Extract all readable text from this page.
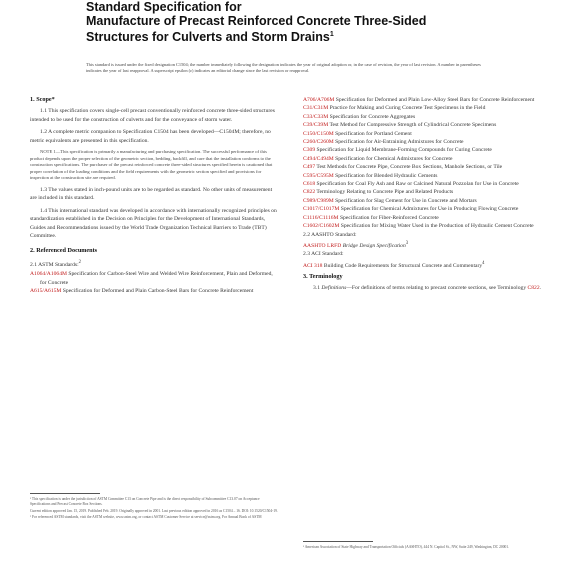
Standard Specification for
Manufacture of Precast Reinforced Concrete Three-Sided
Structures for Culverts and Storm Drains$^1$
This standard is issued under the fixed designation C1504; the number immediately following the designation indicates the year of original adoption or, in the case of revision, the year of last revision. A number in parentheses indicates the year of last reapproval. A superscript epsilon (ε) indicates an editorial change since the last revision or reapproval.
1. Scope*

1.1 This specification covers single-cell precast conventionally reinforced concrete three-sided structures intended to be used for the construction of culverts and for the conveyance of storm water.

1.2 A complete metric companion to Specification C1504 has been developed—C1504M; therefore, no metric equivalents are presented in this specification.

NOTE 1—This specification is primarily a manufacturing and purchasing specification. The successful performance of this product depends upon the proper selection of the geometric section, bedding, backfill, and care that the installation conforms to the construction specifications. The purchaser of the precast reinforced concrete three-sided structures specified herein is cautioned that proper correlation of the loading conditions and the field requirements with the geometric section specified and provisions for inspection at the construction site are required.

1.3 The values stated in inch-pound units are to be regarded as standard. No other units of measurement are included in this standard.

1.4 This international standard was developed in accordance with internationally recognized principles on standardization established in the Decision on Principles for the Development of International Standards, Guides and Recommendations issued by the World Trade Organization Technical Barriers to Trade (TBT) Committee.

2. Referenced Documents
2.1 ASTM Standards:$^2$
A1064/A1064M Specification for Carbon-Steel Wire and Welded Wire Reinforcement, Plain and Deformed, for Concrete
A615/A615M Specification for Deformed and Plain Carbon-Steel Bars for Concrete Reinforcement
A706/A706M Specification for Deformed and Plain Low-Alloy Steel Bars for Concrete Reinforcement
C31/C31M Practice for Making and Curing Concrete Test Specimens in the Field
C33/C33M Specification for Concrete Aggregates
C39/C39M Test Method for Compressive Strength of Cylindrical Concrete Specimens
C150/C150M Specification for Portland Cement
C260/C260M Specification for Air-Entraining Admixtures for Concrete
C309 Specification for Liquid Membrane-Forming Compounds for Curing Concrete
C494/C494M Specification for Chemical Admixtures for Concrete
C497 Test Methods for Concrete Pipe, Concrete Box Sections, Manhole Sections, or Tile
C595/C595M Specification for Blended Hydraulic Cements
C618 Specification for Coal Fly Ash and Raw or Calcined Natural Pozzolan for Use in Concrete
C822 Terminology Relating to Concrete Pipe and Related Products
C989/C989M Specification for Slag Cement for Use in Concrete and Mortars
C1017/C1017M Specification for Chemical Admixtures for Use in Producing Flowing Concrete
C1116/C1116M Specification for Fiber-Reinforced Concrete
C1602/C1602M Specification for Mixing Water Used in the Production of Hydraulic Cement Concrete
2.2 AASHTO Standard:
AASHTO LRFD Bridge Design Specification$^3$
2.3 ACI Standard:
ACI 318 Building Code Requirements for Structural Concrete and Commentary$^4$
3. Terminology

3.1 Definitions—For definitions of terms relating to precast concrete sections, see Terminology C822.

¹ This specification is under the jurisdiction of ASTM Committee C13 on Concrete Pipe and is the direct responsibility of Subcommittee C13.07 on Acceptance Specifications and Precast Concrete Box Sections.

Current edition approved Jan. 15, 2019. Published Feb. 2019. Originally approved in 2001. Last previous edition approved in 2016 as C1504 – 16. DOI: 10.1520/C1504-19.

² For referenced ASTM standards, visit the ASTM website, www.astm.org, or contact ASTM Customer Service at service@astm.org. For Annual Book of ASTM

³ American Association of State Highway and Transportation Officials (AASHTO), 444 N. Capitol St., NW, Suite 249, Washington, DC 20001.
